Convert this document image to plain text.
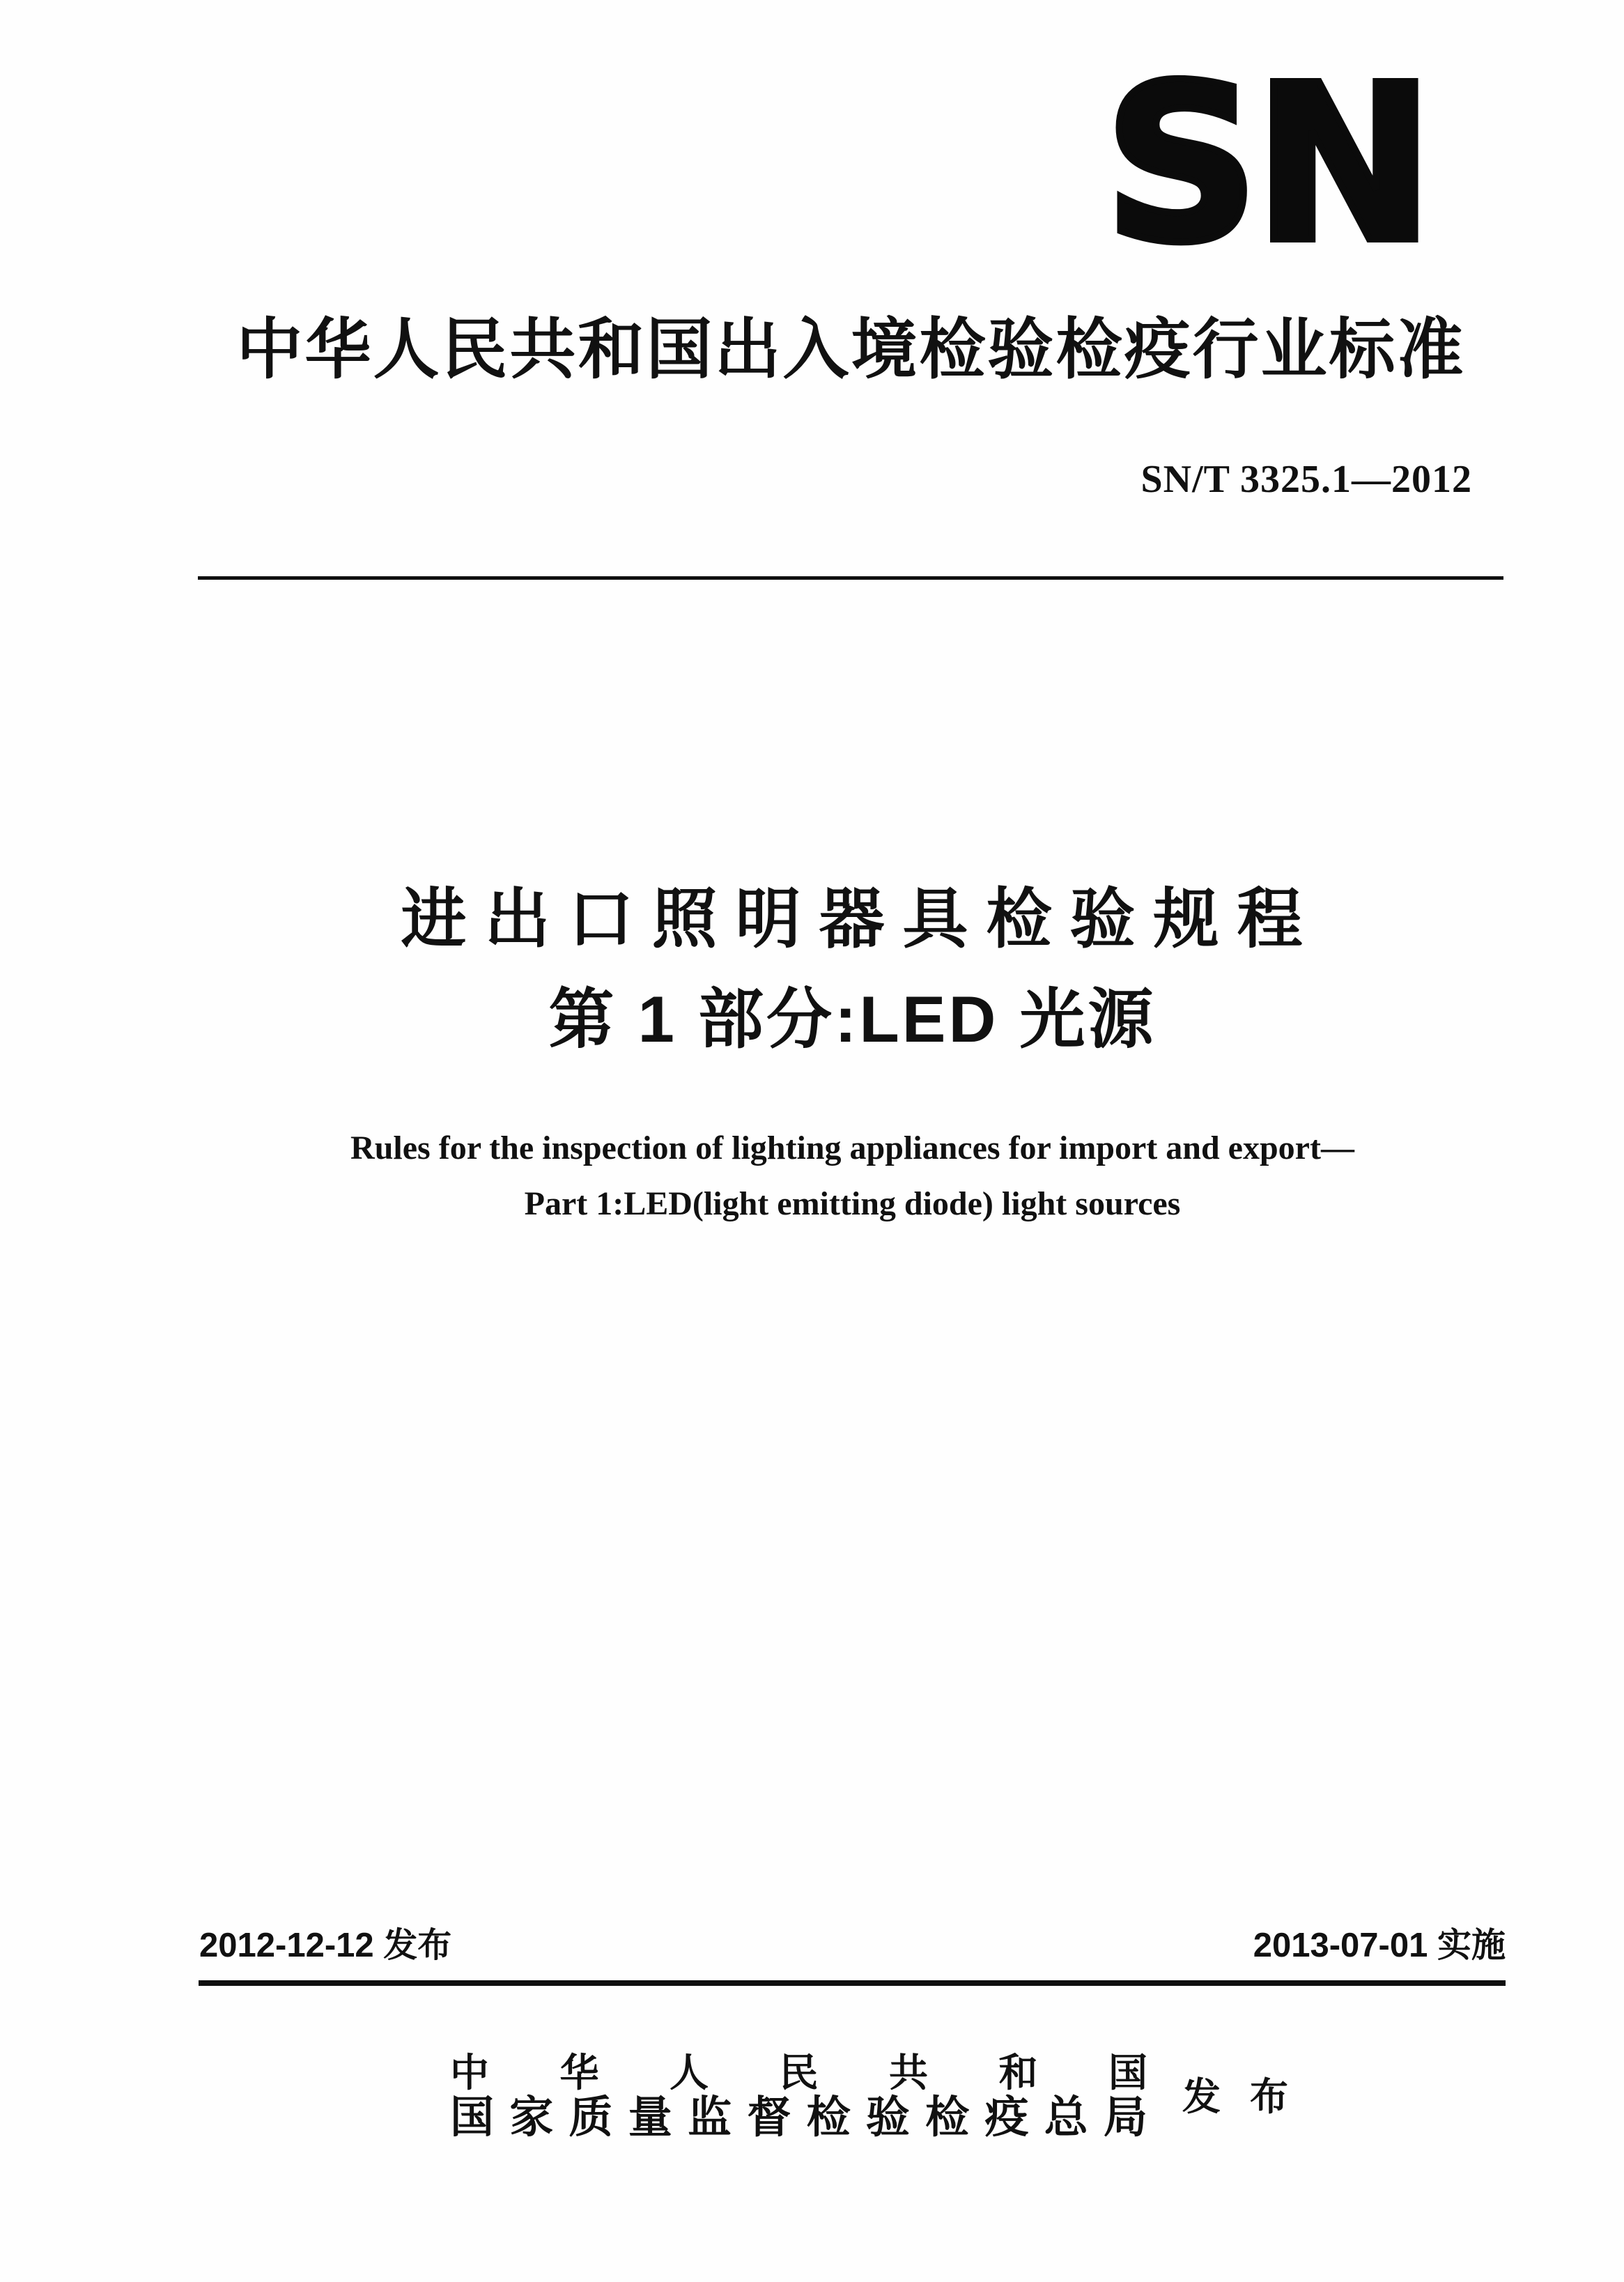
SN
中华人民共和国出入境检验检疫行业标准
SN/T 3325.1—2012
进出口照明器具检验规程
第 1 部分:LED 光源
Rules for the inspection of lighting appliances for import and export—
Part 1:LED(light emitting diode) light sources
2012-12-12 发布	2013-07-01 实施
中 华 人 民 共 和 国
国 家 质 量 监 督 检 验 检 疫 总 局 发 布
